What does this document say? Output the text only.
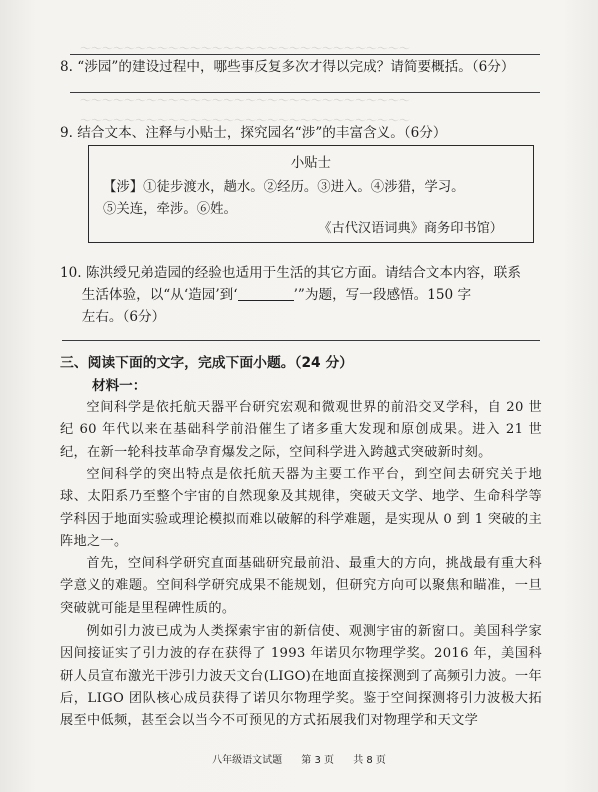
～～～～～～～～～～～～～～～～～～～～～～～～～～～～～～
～～～～～～～～～～～～～～～～～～～～～～～～～～～～～～
～～～～～～～～～～～～～～～～～～～～～～～～～～～～～～
8. “涉园”的建设过程中，哪些事反复多次才得以完成？请简要概括。（6分）
9. 结合文本、注释与小贴士，探究园名“涉”的丰富含义。（6分）
小贴士
【涉】①徒步渡水，趟水。②经历。③进入。④涉猎，学习。
⑤关连，牵涉。⑥姓。
《古代汉语词典》商务印书馆）
10. 陈洪绶兄弟造园的经验也适用于生活的其它方面。请结合文本内容，联系
生活体验，以“从‘造园’到‘	’”为题，写一段感悟。150 字
左右。（6分）
三、阅读下面的文字，完成下面小题。（24 分）
材料一：
空间科学是依托航天器平台研究宏观和微观世界的前沿交叉学科，自 20 世纪 60 年代以来在基础科学前沿催生了诸多重大发现和原创成果。进入 21 世纪，在新一轮科技革命孕育爆发之际，空间科学进入跨越式突破新时刻。
空间科学的突出特点是依托航天器为主要工作平台，到空间去研究关于地球、太阳系乃至整个宇宙的自然现象及其规律，突破天文学、地学、生命科学等学科因于地面实验或理论模拟而难以破解的科学难题，是实现从 0 到 1 突破的主阵地之一。
首先，空间科学研究直面基础研究最前沿、最重大的方向，挑战最有重大科学意义的难题。空间科学研究成果不能规划，但研究方向可以聚焦和瞄准，一旦突破就可能是里程碑性质的。
例如引力波已成为人类探索宇宙的新信使、观测宇宙的新窗口。美国科学家因间接证实了引力波的存在获得了 1993 年诺贝尔物理学奖。2016 年，美国科研人员宣布激光干涉引力波天文台(LIGO)在地面直接探测到了高频引力波。一年后，LIGO 团队核心成员获得了诺贝尔物理学奖。鉴于空间探测将引力波极大拓展至中低频，甚至会以当今不可预见的方式拓展我们对物理学和天文学
八年级语文试题 第 3 页 共 8 页
